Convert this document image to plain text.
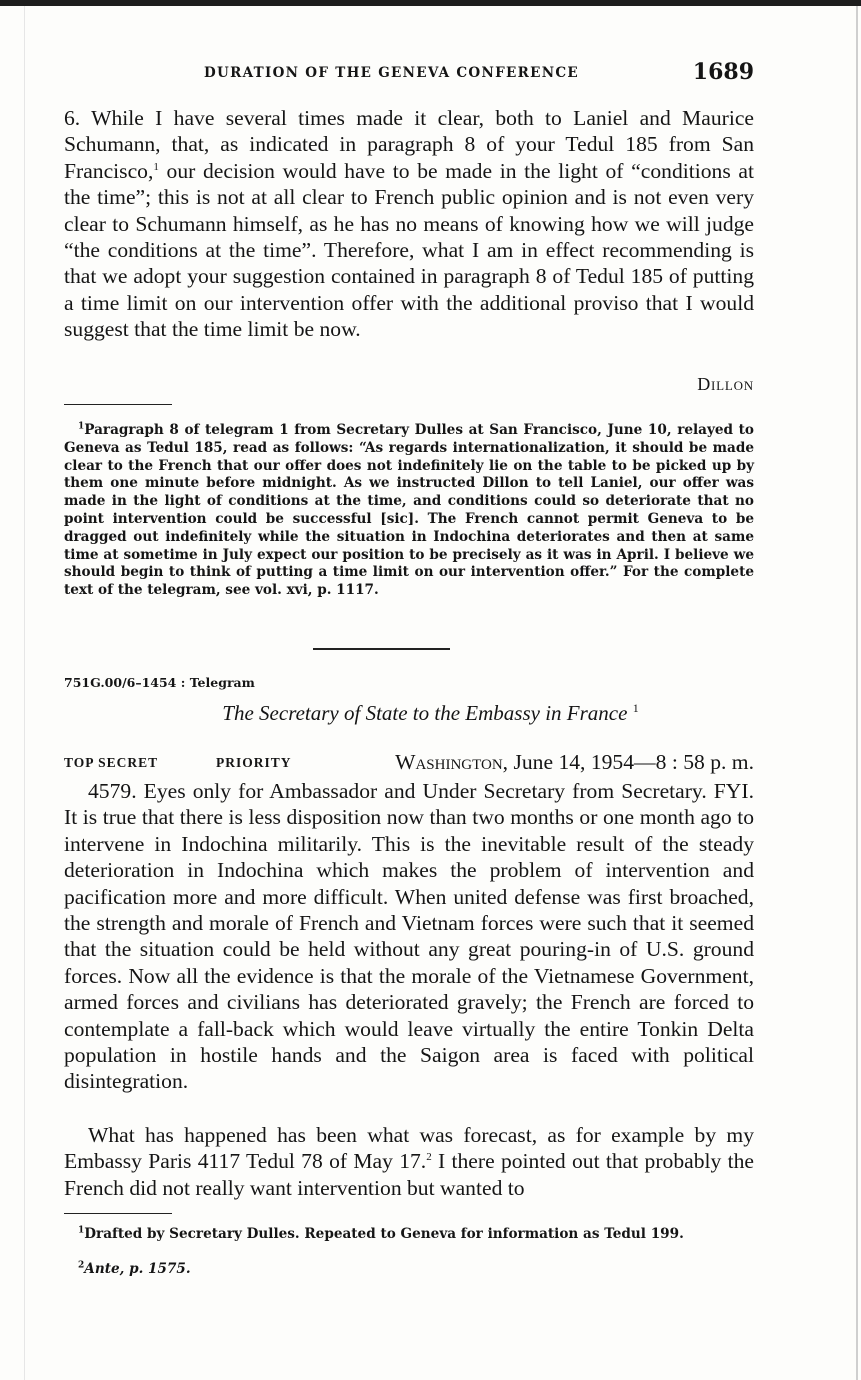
DURATION OF THE GENEVA CONFERENCE	1689
6. While I have several times made it clear, both to Laniel and Maurice Schumann, that, as indicated in paragraph 8 of your Tedul 185 from San Francisco,$^1$ our decision would have to be made in the light of “conditions at the time”; this is not at all clear to French public opinion and is not even very clear to Schumann himself, as he has no means of knowing how we will judge “the conditions at the time”. Therefore, what I am in effect recommending is that we adopt your suggestion contained in paragraph 8 of Tedul 185 of putting a time limit on our intervention offer with the additional proviso that I would suggest that the time limit be now.
Dillon
$^1$Paragraph 8 of telegram 1 from Secretary Dulles at San Francisco, June 10, relayed to Geneva as Tedul 185, read as follows: “As regards internationalization, it should be made clear to the French that our offer does not indefinitely lie on the table to be picked up by them one minute before midnight. As we instructed Dillon to tell Laniel, our offer was made in the light of conditions at the time, and conditions could so deteriorate that no point intervention could be successful [sic]. The French cannot permit Geneva to be dragged out indefinitely while the situation in Indochina deteriorates and then at same time at sometime in July expect our position to be precisely as it was in April. I believe we should begin to think of putting a time limit on our intervention offer.” For the complete text of the telegram, see vol. xvi, p. 1117.
751G.00/6–1454 : Telegram
The Secretary of State to the Embassy in France $^1$
TOP SECRET	PRIORITY	Washington, June 14, 1954—8 : 58 p. m.
4579. Eyes only for Ambassador and Under Secretary from Secretary. FYI. It is true that there is less disposition now than two months or one month ago to intervene in Indochina militarily. This is the inevitable result of the steady deterioration in Indochina which makes the problem of intervention and pacification more and more difficult. When united defense was first broached, the strength and morale of French and Vietnam forces were such that it seemed that the situation could be held without any great pouring-in of U.S. ground forces. Now all the evidence is that the morale of the Vietnamese Government, armed forces and civilians has deteriorated gravely; the French are forced to contemplate a fall-back which would leave virtually the entire Tonkin Delta population in hostile hands and the Saigon area is faced with political disintegration.
What has happened has been what was forecast, as for example by my Embassy Paris 4117 Tedul 78 of May 17.$^2$ I there pointed out that probably the French did not really want intervention but wanted to
$^1$Drafted by Secretary Dulles. Repeated to Geneva for information as Tedul 199.
$^2$Ante, p. 1575.
